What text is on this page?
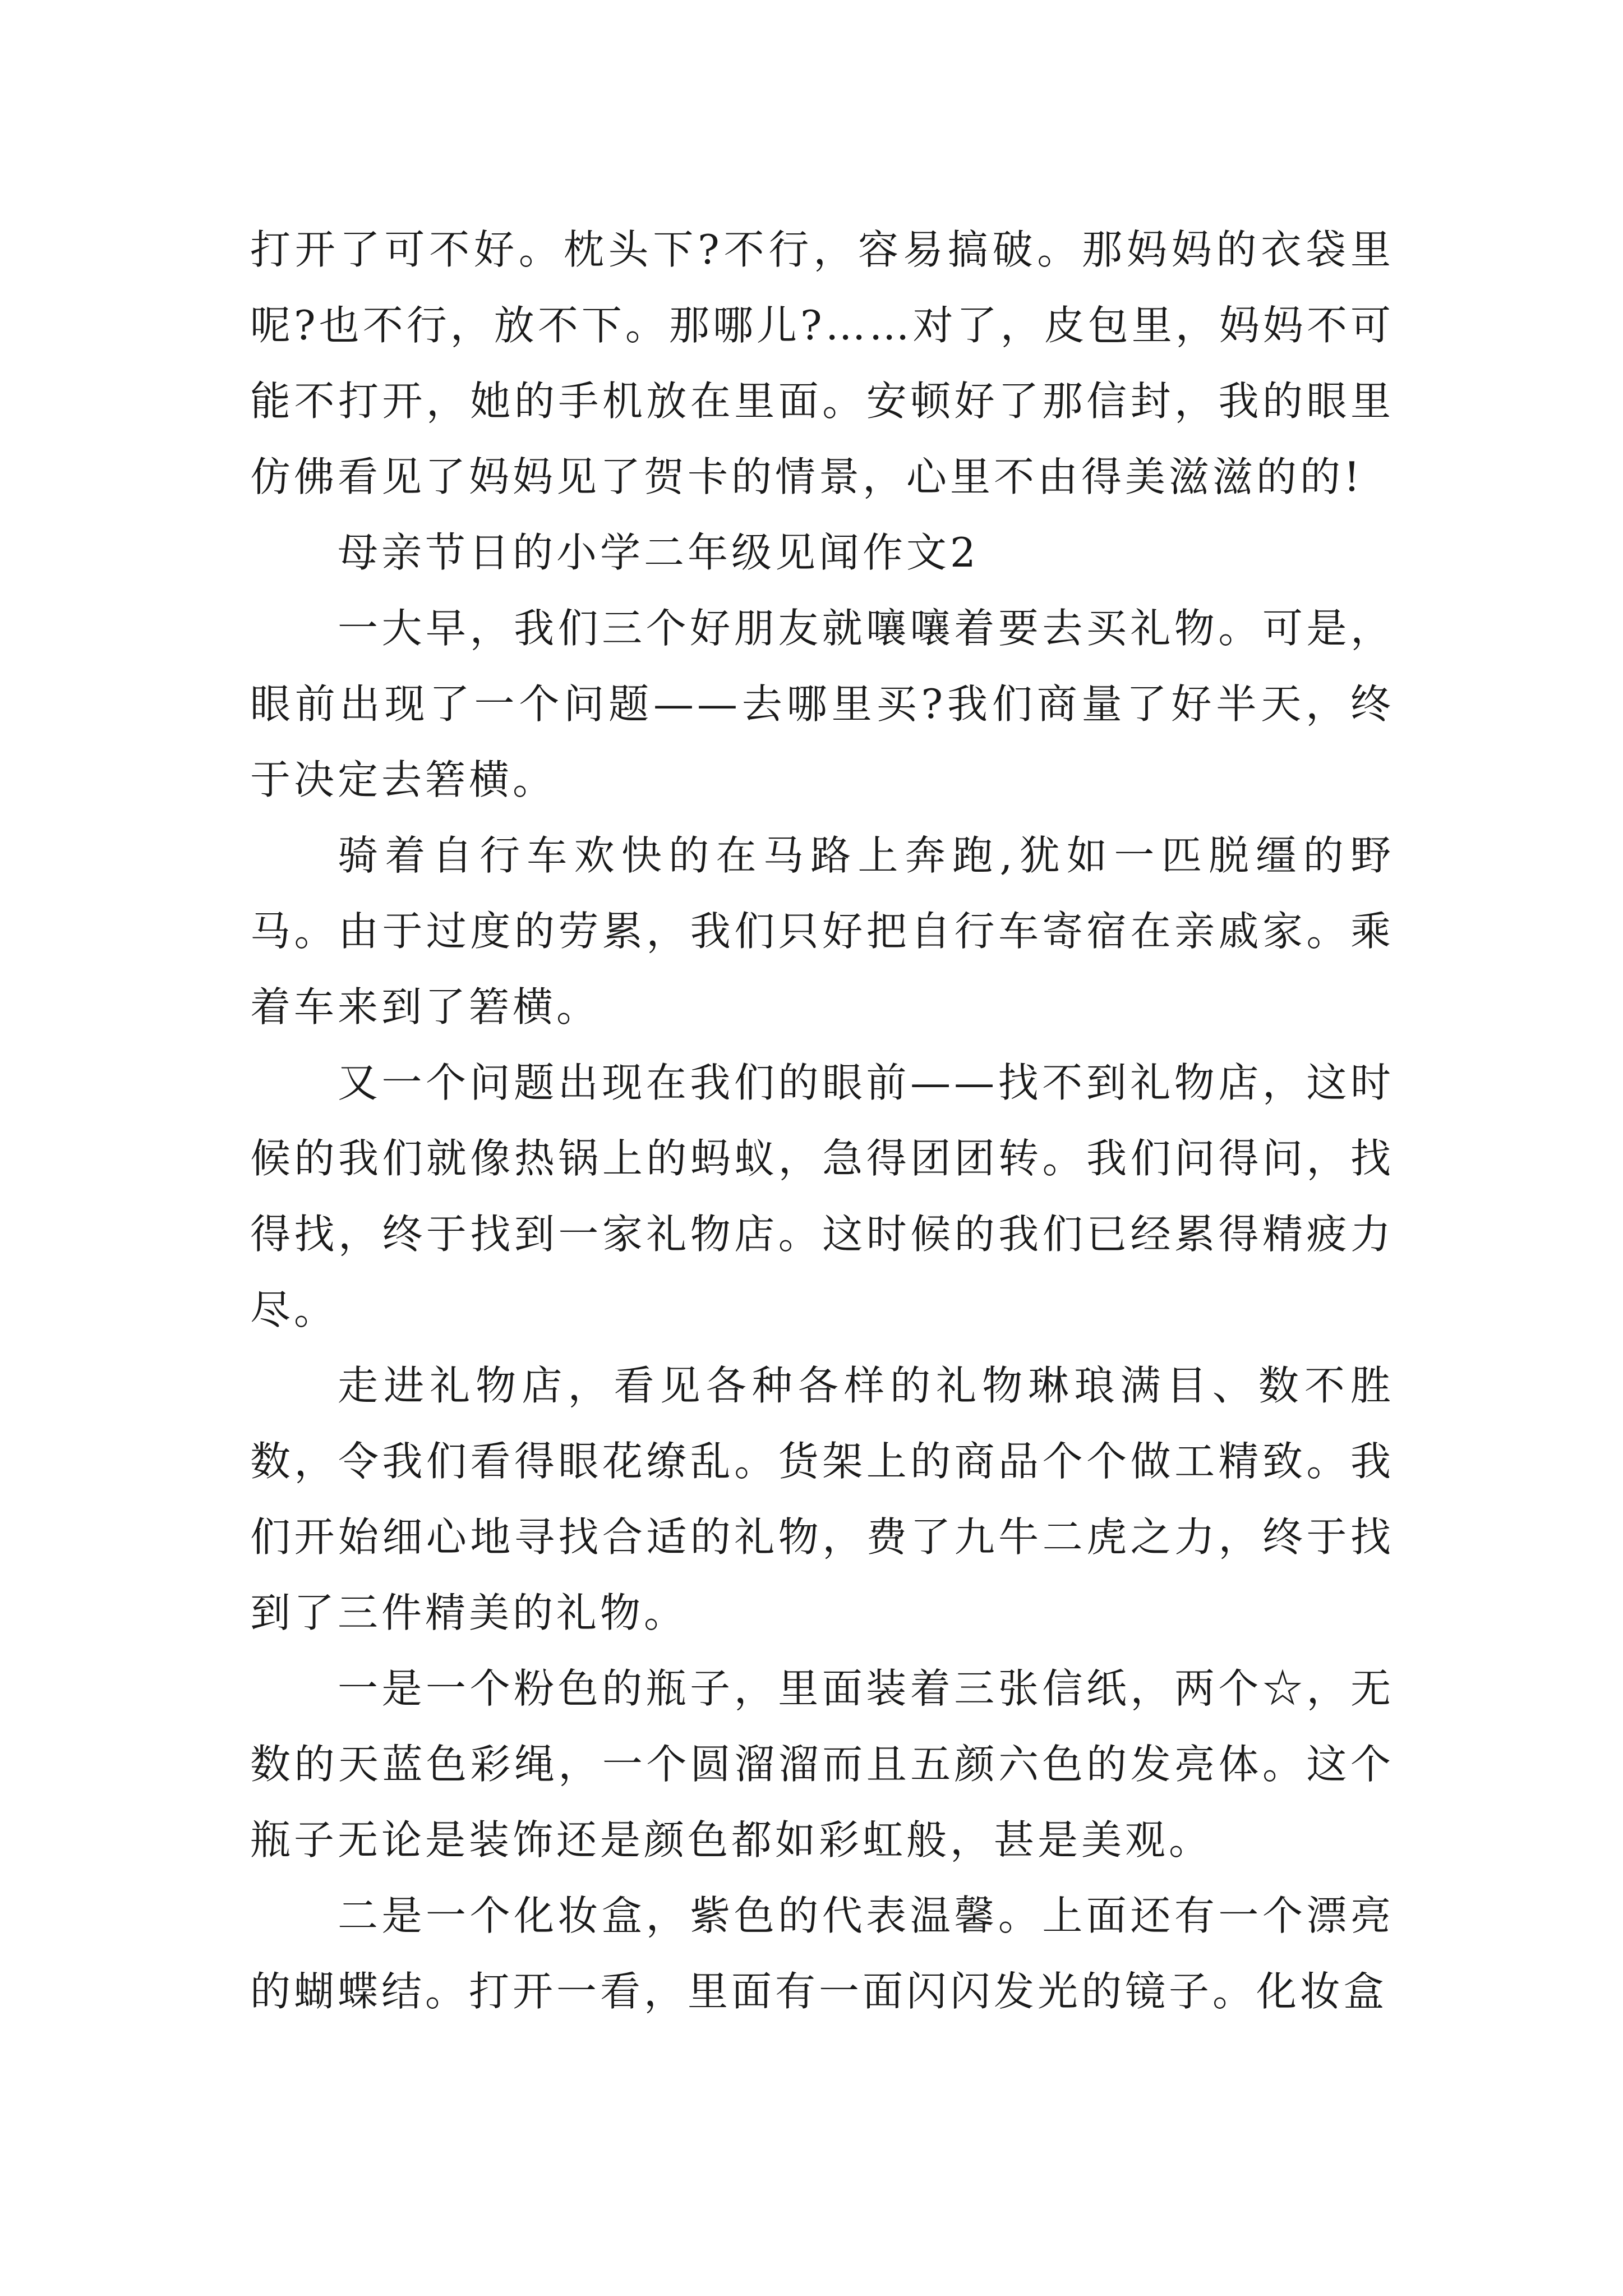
打开了可不好。枕头下?不行，容易搞破。那妈妈的衣袋里呢?也不行，放不下。那哪儿?……对了，皮包里，妈妈不可能不打开，她的手机放在里面。安顿好了那信封，我的眼里仿佛看见了妈妈见了贺卡的情景，心里不由得美滋滋的的!

母亲节日的小学二年级见闻作文2

一大早，我们三个好朋友就嚷嚷着要去买礼物。可是，眼前出现了一个问题——去哪里买?我们商量了好半天，终于决定去箬横。

骑着自行车欢快的在马路上奔跑,犹如一匹脱缰的野马。由于过度的劳累，我们只好把自行车寄宿在亲戚家。乘着车来到了箬横。

又一个问题出现在我们的眼前——找不到礼物店，这时候的我们就像热锅上的蚂蚁，急得团团转。我们问得问，找得找，终于找到一家礼物店。这时候的我们已经累得精疲力尽。

走进礼物店，看见各种各样的礼物琳琅满目、数不胜数，令我们看得眼花缭乱。货架上的商品个个做工精致。我们开始细心地寻找合适的礼物，费了九牛二虎之力，终于找到了三件精美的礼物。

一是一个粉色的瓶子，里面装着三张信纸，两个☆，无数的天蓝色彩绳，一个圆溜溜而且五颜六色的发亮体。这个瓶子无论是装饰还是颜色都如彩虹般，甚是美观。

二是一个化妆盒，紫色的代表温馨。上面还有一个漂亮的蝴蝶结。打开一看，里面有一面闪闪发光的镜子。化妆盒
